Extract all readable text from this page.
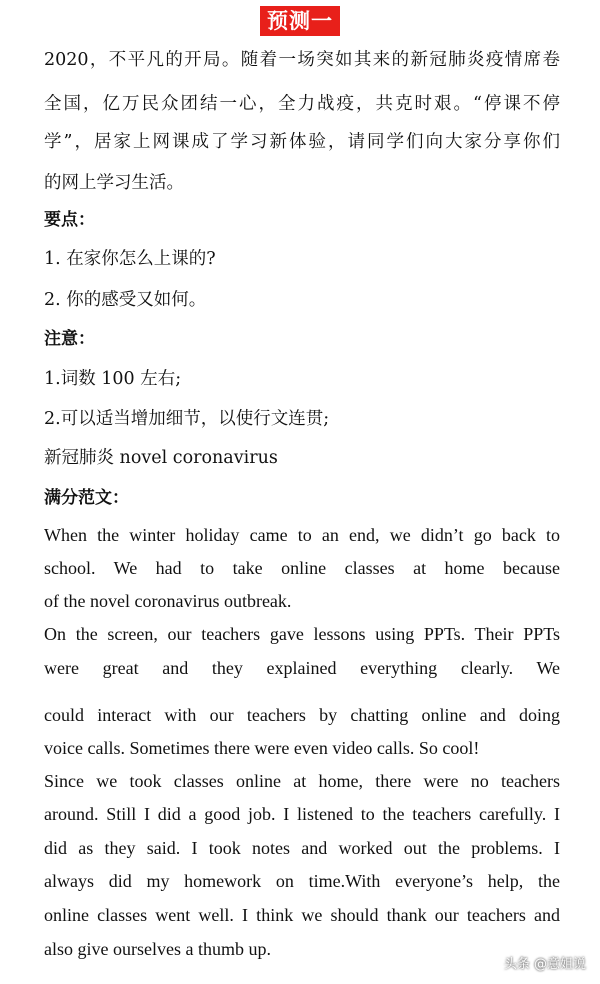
预测一
2020，不平凡的开局。随着一场突如其来的新冠肺炎疫情席卷
全国，亿万民众团结一心，全力战疫，共克时艰。“停课不停
学”，居家上网课成了学习新体验，请同学们向大家分享你们
的网上学习生活。
要点：
1. 在家你怎么上课的?
2. 你的感受又如何。
注意：
1.词数 100 左右;
2.可以适当增加细节，以使行文连贯;
新冠肺炎 novel coronavirus
满分范文：
When the winter holiday came to an end, we didn’t go back to
school. We had to take online classes at home because
of the novel coronavirus outbreak.
On the screen, our teachers gave lessons using PPTs. Their PPTs
were great and they explained everything clearly. We
could interact with our teachers by chatting online and doing
voice calls. Sometimes there were even video calls. So cool!
Since we took classes online at home, there were no teachers
around. Still I did a good job. I listened to the teachers carefully. I
did as they said. I took notes and worked out the problems. I
always did my homework on time.With everyone’s help, the
online classes went well. I think we should thank our teachers and
also give ourselves a thumb up.
头条 @意姐说
